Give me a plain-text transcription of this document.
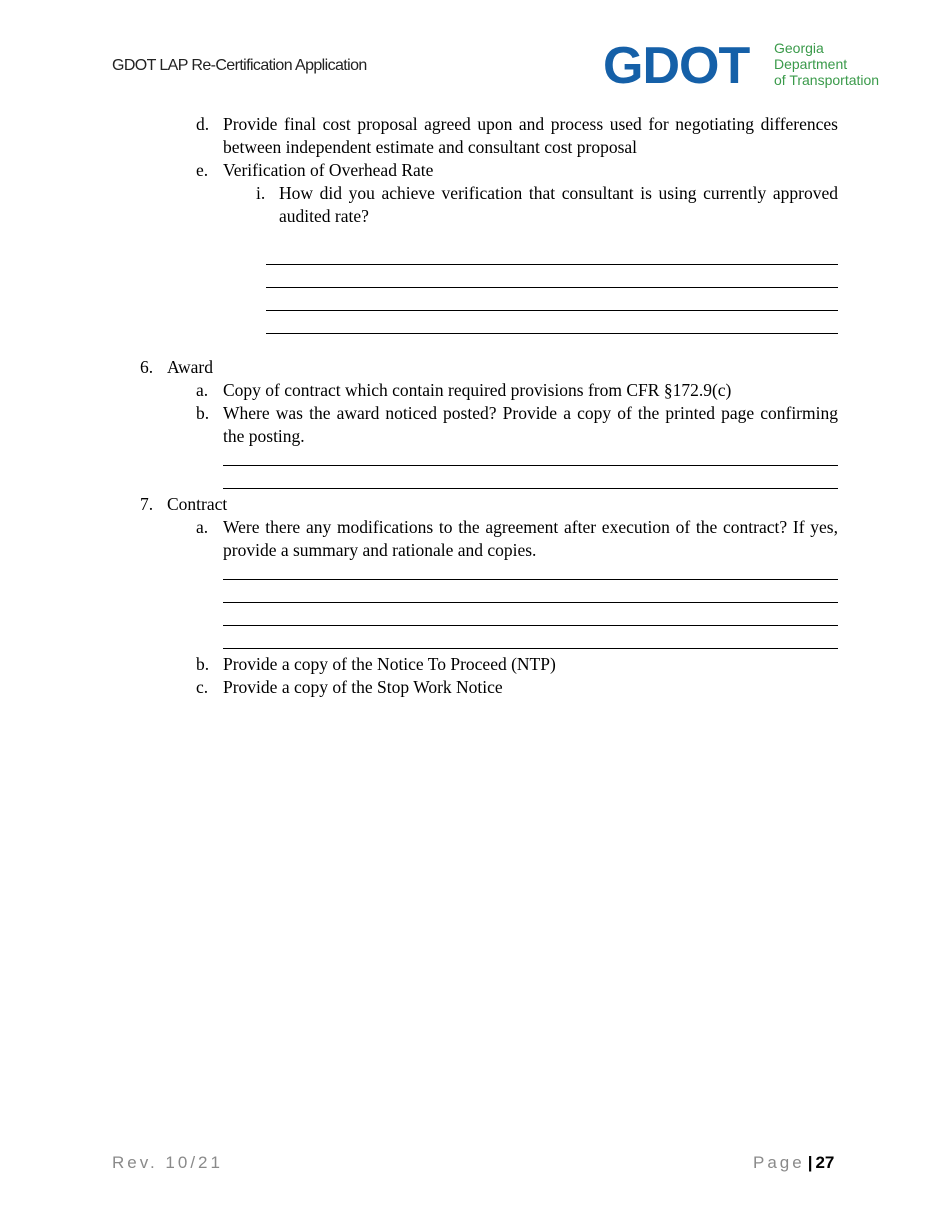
GDOT LAP Re-Certification Application	GDOT Georgia
Department
of Transportation
d. Provide final cost proposal agreed upon and process used for negotiating differences between independent estimate and consultant cost proposal
e. Verification of Overhead Rate
i. How did you achieve verification that consultant is using currently approved audited rate?
6. Award
a. Copy of contract which contain required provisions from CFR §172.9(c)
b. Where was the award noticed posted? Provide a copy of the printed page confirming the posting.
7. Contract
a. Were there any modifications to the agreement after execution of the contract? If yes, provide a summary and rationale and copies.
b. Provide a copy of the Notice To Proceed (NTP)
c. Provide a copy of the Stop Work Notice
Rev. 10/21	Page | 27
